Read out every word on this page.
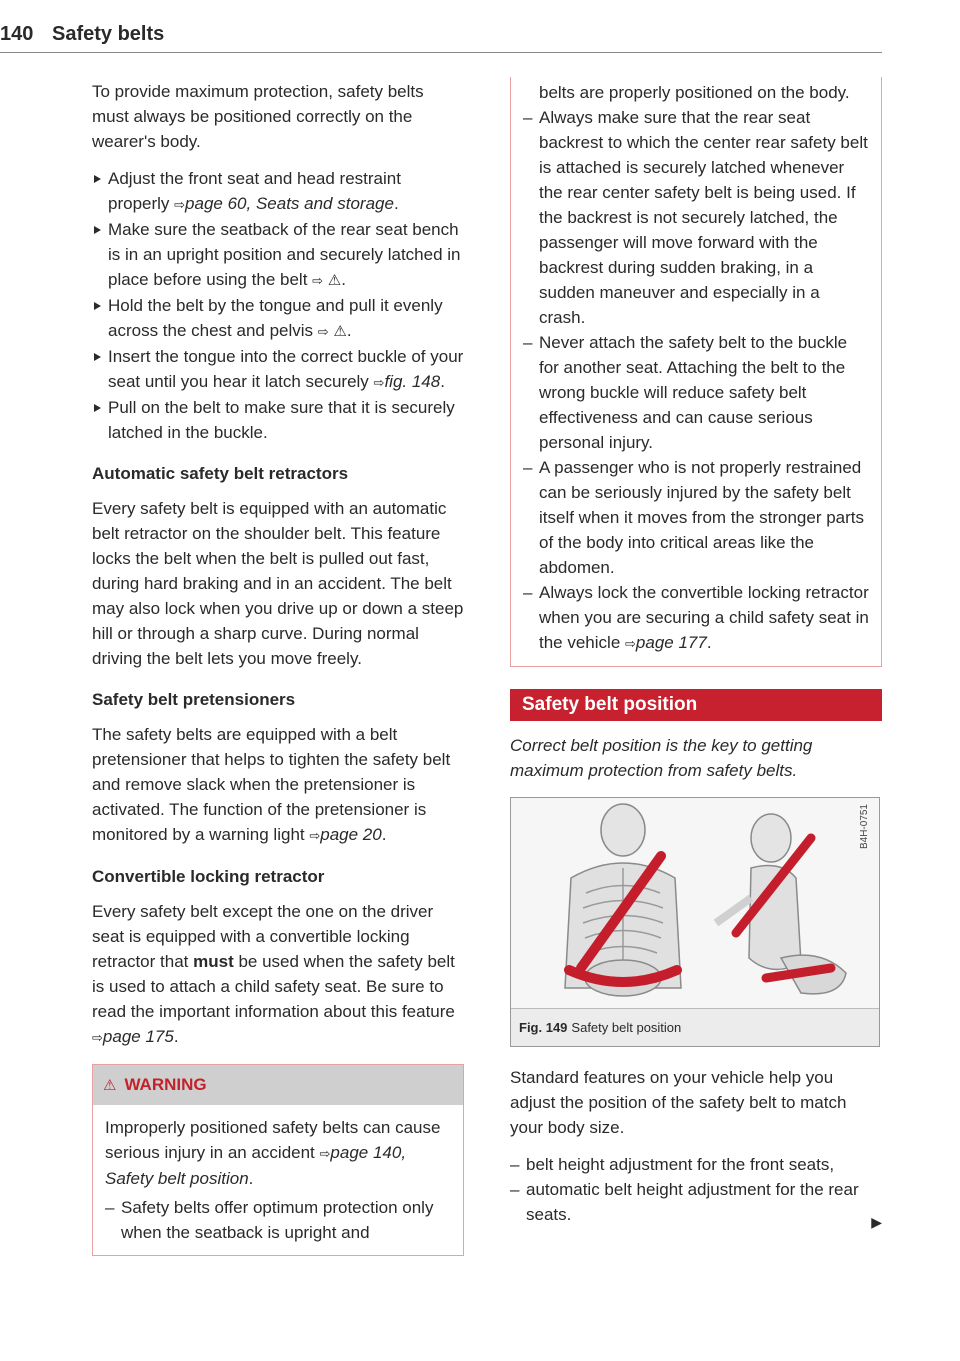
140 Safety belts

To provide maximum protection, safety belts must always be positioned correctly on the wearer's body.

Adjust the front seat and head restraint properly ⇨page 60, Seats and storage.
Make sure the seatback of the rear seat bench is in an upright position and securely latched in place before using the belt ⇨ ⚠.
Hold the belt by the tongue and pull it evenly across the chest and pelvis ⇨ ⚠.
Insert the tongue into the correct buckle of your seat until you hear it latch securely ⇨fig. 148.
Pull on the belt to make sure that it is securely latched in the buckle.
Automatic safety belt retractors

Every safety belt is equipped with an automatic belt retractor on the shoulder belt. This feature locks the belt when the belt is pulled out fast, during hard braking and in an accident. The belt may also lock when you drive up or down a steep hill or through a sharp curve. During normal driving the belt lets you move freely.

Safety belt pretensioners

The safety belts are equipped with a belt pretensioner that helps to tighten the safety belt and remove slack when the pretensioner is activated. The function of the pretensioner is monitored by a warning light ⇨page 20.

Convertible locking retractor

Every safety belt except the one on the driver seat is equipped with a convertible locking retractor that must be used when the safety belt is used to attach a child safety seat. Be sure to read the important information about this feature ⇨page 175.

⚠ WARNING

Improperly positioned safety belts can cause serious injury in an accident ⇨page 140, Safety belt position.

– Safety belts offer optimum protection only when the seatback is upright and

belts are properly positioned on the body.

– Always make sure that the rear seat backrest to which the center rear safety belt is attached is securely latched whenever the rear center safety belt is being used. If the backrest is not securely latched, the passenger will move forward with the backrest during sudden braking, in a sudden maneuver and especially in a crash.
– Never attach the safety belt to the buckle for another seat. Attaching the belt to the wrong buckle will reduce safety belt effectiveness and can cause serious personal injury.
– A passenger who is not properly restrained can be seriously injured by the safety belt itself when it moves from the stronger parts of the body into critical areas like the abdomen.
– Always lock the convertible locking retractor when you are securing a child safety seat in the vehicle ⇨page 177.
Safety belt position

Correct belt position is the key to getting maximum protection from safety belts.

B4H-0751
Fig. 149 Safety belt position

Standard features on your vehicle help you adjust the position of the safety belt to match your body size.

– belt height adjustment for the front seats,
– automatic belt height adjustment for the rear seats.	▶
